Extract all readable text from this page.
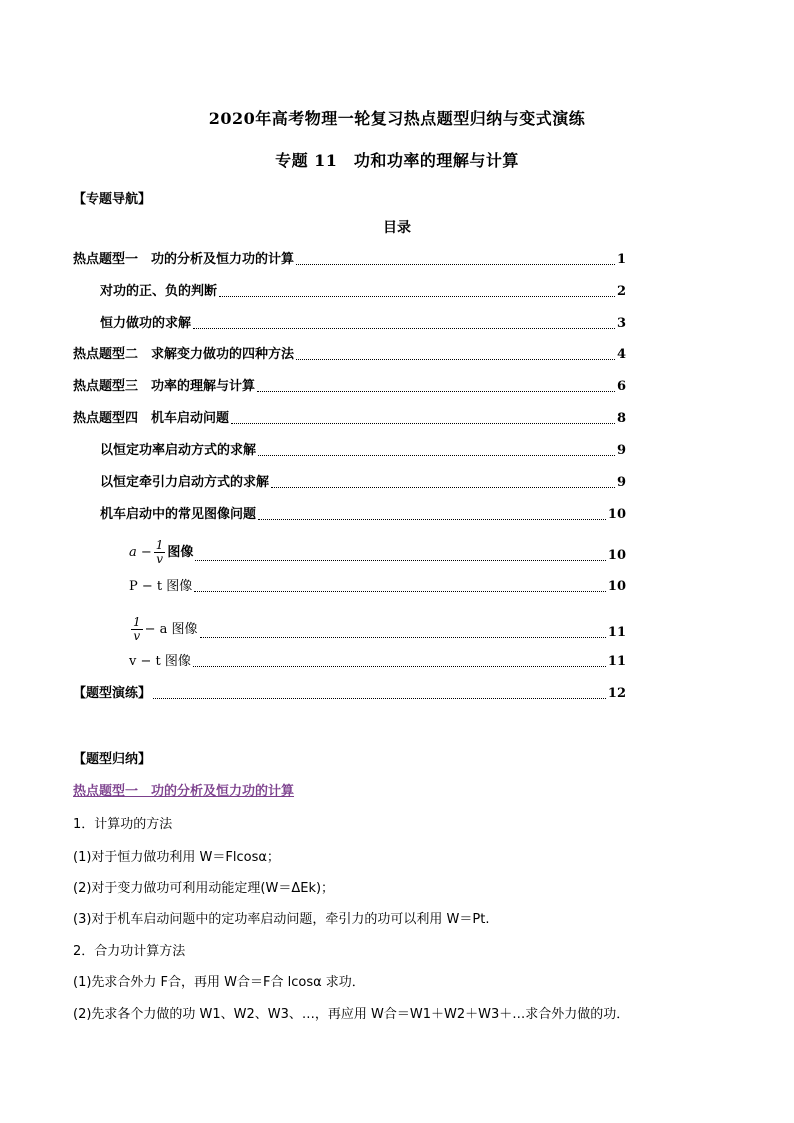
2020年高考物理一轮复习热点题型归纳与变式演练
专题 11　功和功率的理解与计算
【专题导航】
目录
热点题型一　功的分析及恒力功的计算	1
对功的正、负的判断	2
恒力做功的求解	3
热点题型二　求解变力做功的四种方法	4
热点题型三　功率的理解与计算	6
热点题型四　机车启动问题	8
以恒定功率启动方式的求解	9
以恒定牵引力启动方式的求解	9
机车启动中的常见图像问题	10
$a - \frac{1}{v}$ 图像	10
P − t 图像	10
$\frac{1}{v} - a$ 图像	11
v − t 图像	11
【题型演练】	12
【题型归纳】
热点题型一　功的分析及恒力功的计算
1．计算功的方法
(1)对于恒力做功利用 W＝Flcosα；
(2)对于变力做功可利用动能定理(W＝ΔEk)；
(3)对于机车启动问题中的定功率启动问题，牵引力的功可以利用 W＝Pt.
2．合力功计算方法
(1)先求合外力 F合，再用 W合＝F合 lcosα 求功．
(2)先求各个力做的功 W1、W2、W3、…，再应用 W合＝W1＋W2＋W3＋…求合外力做的功．
